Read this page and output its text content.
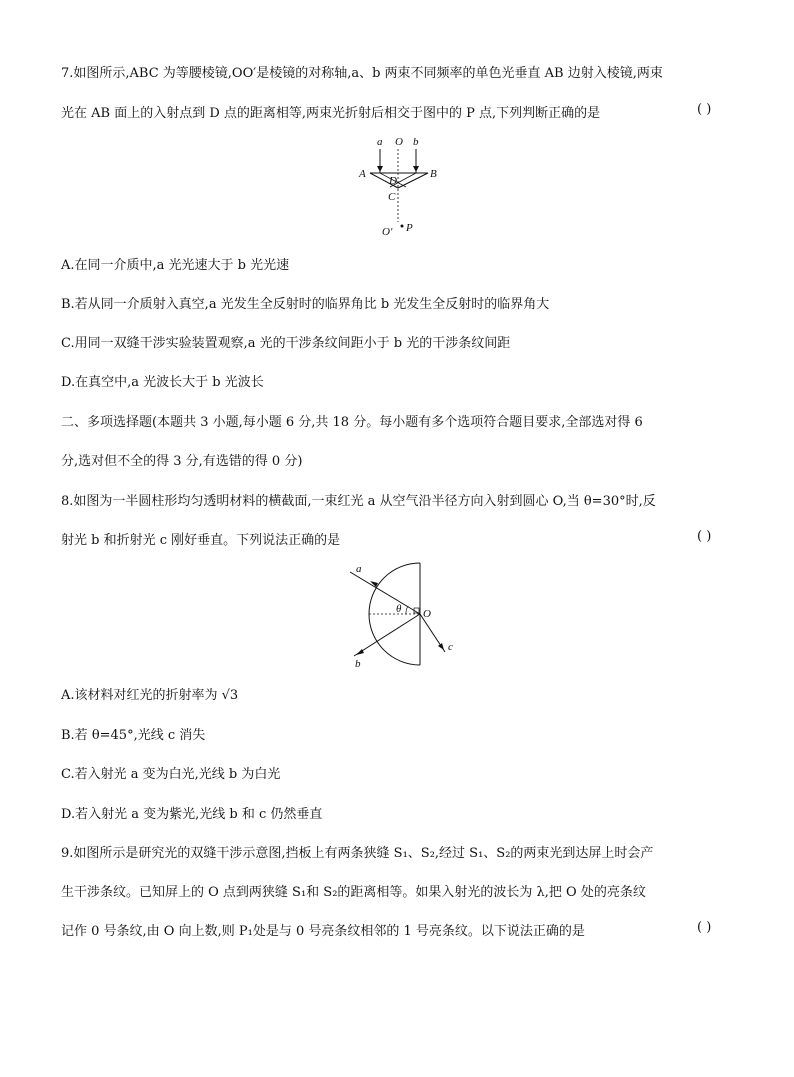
7.如图所示,ABC 为等腰棱镜,OO′是棱镜的对称轴,a、b 两束不同频率的单色光垂直 AB 边射入棱镜,两束
光在 AB 面上的入射点到 D 点的距离相等,两束光折射后相交于图中的 P 点,下列判断正确的是	( )
a O b
A	B
D
C
O′ P
A.在同一介质中,a 光光速大于 b 光光速
B.若从同一介质射入真空,a 光发生全反射时的临界角比 b 光发生全反射时的临界角大
C.用同一双缝干涉实验装置观察,a 光的干涉条纹间距小于 b 光的干涉条纹间距
D.在真空中,a 光波长大于 b 光波长
二、多项选择题(本题共 3 小题,每小题 6 分,共 18 分。每小题有多个选项符合题目要求,全部选对得 6
分,选对但不全的得 3 分,有选错的得 0 分)
8.如图为一半圆柱形均匀透明材料的横截面,一束红光 a 从空气沿半径方向入射到圆心 O,当 θ=30°时,反
射光 b 和折射光 c 刚好垂直。下列说法正确的是	( )
a
θ O
b
c
A.该材料对红光的折射率为 √3
B.若 θ=45°,光线 c 消失
C.若入射光 a 变为白光,光线 b 为白光
D.若入射光 a 变为紫光,光线 b 和 c 仍然垂直
9.如图所示是研究光的双缝干涉示意图,挡板上有两条狭缝 S₁、S₂,经过 S₁、S₂的两束光到达屏上时会产
生干涉条纹。已知屏上的 O 点到两狭缝 S₁和 S₂的距离相等。如果入射光的波长为 λ,把 O 处的亮条纹
记作 0 号条纹,由 O 向上数,则 P₁处是与 0 号亮条纹相邻的 1 号亮条纹。以下说法正确的是	( )
